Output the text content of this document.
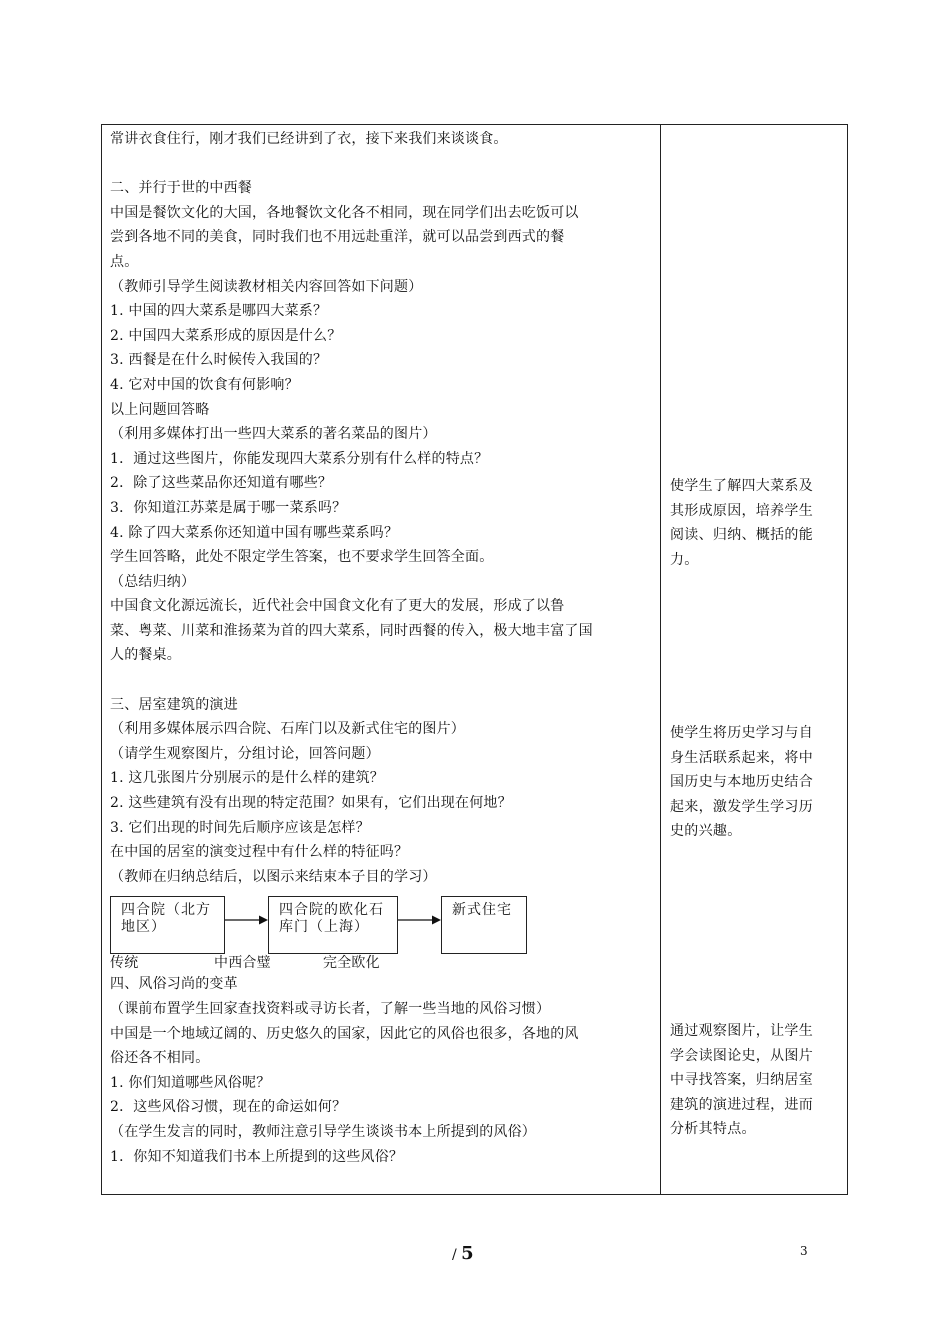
常讲衣食住行，刚才我们已经讲到了衣，接下来我们来谈谈食。
二、并行于世的中西餐
中国是餐饮文化的大国，各地餐饮文化各不相同，现在同学们出去吃饭可以
尝到各地不同的美食，同时我们也不用远赴重洋，就可以品尝到西式的餐
点。
（教师引导学生阅读教材相关内容回答如下问题）
1. 中国的四大菜系是哪四大菜系？
2. 中国四大菜系形成的原因是什么？
3. 西餐是在什么时候传入我国的？
4. 它对中国的饮食有何影响？
以上问题回答略
（利用多媒体打出一些四大菜系的著名菜品的图片）
1．通过这些图片，你能发现四大菜系分别有什么样的特点？
2．除了这些菜品你还知道有哪些？
3．你知道江苏菜是属于哪一菜系吗？
4. 除了四大菜系你还知道中国有哪些菜系吗？
学生回答略，此处不限定学生答案，也不要求学生回答全面。
（总结归纳）
中国食文化源远流长，近代社会中国食文化有了更大的发展，形成了以鲁
菜、粤菜、川菜和淮扬菜为首的四大菜系，同时西餐的传入，极大地丰富了国
人的餐桌。
三、居室建筑的演进
（利用多媒体展示四合院、石库门以及新式住宅的图片）
（请学生观察图片，分组讨论，回答问题）
1. 这几张图片分别展示的是什么样的建筑？
2. 这些建筑有没有出现的特定范围？如果有，它们出现在何地？
3. 它们出现的时间先后顺序应该是怎样？
在中国的居室的演变过程中有什么样的特征吗？
（教师在归纳总结后，以图示来结束本子目的学习）
四合院（北方地区）
四合院的欧化石库门（上海）
新式住宅
传统	中西合璧	完全欧化
四、风俗习尚的变革
（课前布置学生回家查找资料或寻访长者，了解一些当地的风俗习惯）
中国是一个地域辽阔的、历史悠久的国家，因此它的风俗也很多，各地的风
俗还各不相同。
1. 你们知道哪些风俗呢？
2．这些风俗习惯，现在的命运如何？
（在学生发言的同时，教师注意引导学生谈谈书本上所提到的风俗）
1．你知不知道我们书本上所提到的这些风俗？
使学生了解四大菜系及
其形成原因，培养学生
阅读、归纳、概括的能
力。
使学生将历史学习与自
身生活联系起来，将中
国历史与本地历史结合
起来，激发学生学习历
史的兴趣。
通过观察图片，让学生
学会读图论史，从图片
中寻找答案，归纳居室
建筑的演进过程，进而
分析其特点。
/ 5	3
